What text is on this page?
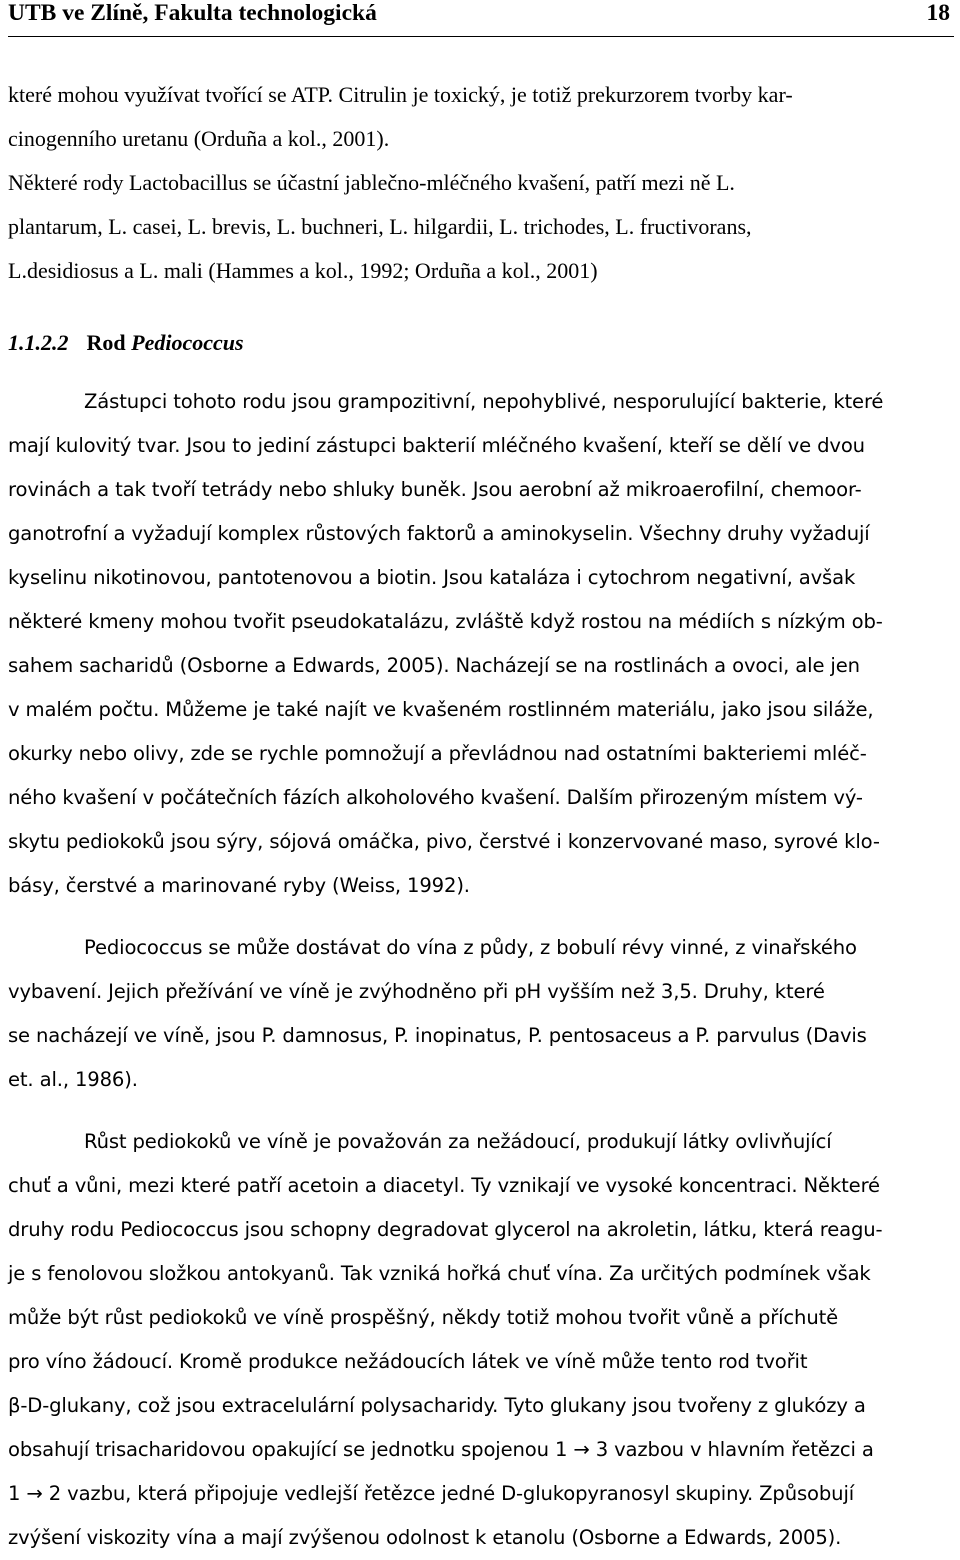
UTB ve Zlíně, Fakulta technologická	18
které mohou využívat tvořící se ATP. Citrulin je toxický, je totiž prekurzorem tvorby kar-
cinogenního uretanu (Orduña a kol., 2001).
Některé rody Lactobacillus se účastní jablečno-mléčného kvašení, patří mezi ně L.
plantarum, L. casei, L. brevis, L. buchneri, L. hilgardii, L. trichodes, L. fructivorans,
L.desidiosus a L. mali (Hammes a kol., 1992; Orduña a kol., 2001)
1.1.2.2 Rod Pediococcus
Zástupci tohoto rodu jsou grampozitivní, nepohyblivé, nesporulující bakterie, které
mají kulovitý tvar. Jsou to jediní zástupci bakterií mléčného kvašení, kteří se dělí ve dvou
rovinách a tak tvoří tetrády nebo shluky buněk. Jsou aerobní až mikroaerofilní, chemoor-
ganotrofní a vyžadují komplex růstových faktorů a aminokyselin. Všechny druhy vyžadují
kyselinu nikotinovou, pantotenovou a biotin. Jsou kataláza i cytochrom negativní, avšak
některé kmeny mohou tvořit pseudokatalázu, zvláště když rostou na médiích s nízkým ob-
sahem sacharidů (Osborne a Edwards, 2005). Nacházejí se na rostlinách a ovoci, ale jen
v malém počtu. Můžeme je také najít ve kvašeném rostlinném materiálu, jako jsou siláže,
okurky nebo olivy, zde se rychle pomnožují a převládnou nad ostatními bakteriemi mléč-
ného kvašení v počátečních fázích alkoholového kvašení. Dalším přirozeným místem vý-
skytu pediokoků jsou sýry, sójová omáčka, pivo, čerstvé i konzervované maso, syrové klo-
básy, čerstvé a marinované ryby (Weiss, 1992).
Pediococcus se může dostávat do vína z půdy, z bobulí révy vinné, z vinařského
vybavení. Jejich přežívání ve víně je zvýhodněno při pH vyšším než 3,5. Druhy, které
se nacházejí ve víně, jsou P. damnosus, P. inopinatus, P. pentosaceus a P. parvulus (Davis
et. al., 1986).
Růst pediokoků ve víně je považován za nežádoucí, produkují látky ovlivňující
chuť a vůni, mezi které patří acetoin a diacetyl. Ty vznikají ve vysoké koncentraci. Některé
druhy rodu Pediococcus jsou schopny degradovat glycerol na akroletin, látku, která reagu-
je s fenolovou složkou antokyanů. Tak vzniká hořká chuť vína. Za určitých podmínek však
může být růst pediokoků ve víně prospěšný, někdy totiž mohou tvořit vůně a příchutě
pro víno žádoucí. Kromě produkce nežádoucích látek ve víně může tento rod tvořit
β-D-glukany, což jsou extracelulární polysacharidy. Tyto glukany jsou tvořeny z glukózy a
obsahují trisacharidovou opakující se jednotku spojenou 1 → 3 vazbou v hlavním řetězci a
1 → 2 vazbu, která připojuje vedlejší řetězce jedné D-glukopyranosyl skupiny. Způsobují
zvýšení viskozity vína a mají zvýšenou odolnost k etanolu (Osborne a Edwards, 2005).
